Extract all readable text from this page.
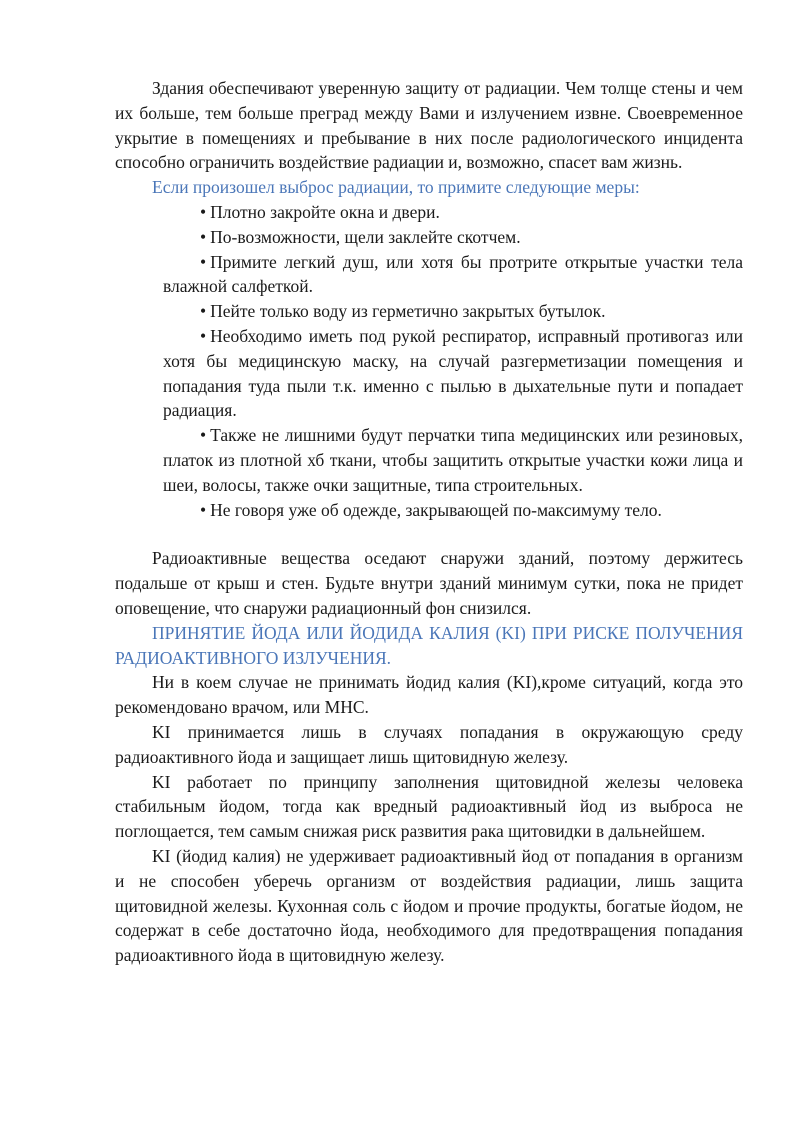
Здания обеспечивают уверенную защиту от радиации. Чем толще стены и чем их больше, тем больше преград между Вами и излучением извне. Своевременное укрытие в помещениях и пребывание в них после радиологического инцидента способно ограничить воздействие радиации и, возможно, спасет вам жизнь.

Если произошел выброс радиации, то примите следующие меры:

• Плотно закройте окна и двери.
• По-возможности, щели заклейте скотчем.
• Примите легкий душ, или хотя бы протрите открытые участки тела влажной салфеткой.
• Пейте только воду из герметично закрытых бутылок.
• Необходимо иметь под рукой респиратор, исправный противогаз или хотя бы медицинскую маску, на случай разгерметизации помещения и попадания туда пыли т.к. именно с пылью в дыхательные пути и попадает радиация.
• Также не лишними будут перчатки типа медицинских или резиновых, платок из плотной хб ткани, чтобы защитить открытые участки кожи лица и шеи, волосы, также очки защитные, типа строительных.
• Не говоря уже об одежде, закрывающей по-максимуму тело.

Радиоактивные вещества оседают снаружи зданий, поэтому держитесь подальше от крыш и стен. Будьте внутри зданий минимум сутки, пока не придет оповещение, что снаружи радиационный фон снизился.

ПРИНЯТИЕ ЙОДА ИЛИ ЙОДИДА КАЛИЯ (KI) ПРИ РИСКЕ ПОЛУЧЕНИЯ РАДИОАКТИВНОГО ИЗЛУЧЕНИЯ.

Ни в коем случае не принимать йодид калия (KI),кроме ситуаций, когда это рекомендовано врачом, или МНС.

KI принимается лишь в случаях попадания в окружающую среду радиоактивного йода и защищает лишь щитовидную железу.

KI работает по принципу заполнения щитовидной железы человека стабильным йодом, тогда как вредный радиоактивный йод из выброса не поглощается, тем самым снижая риск развития рака щитовидки в дальнейшем.

KI (йодид калия) не удерживает радиоактивный йод от попадания в организм и не способен уберечь организм от воздействия радиации, лишь защита щитовидной железы. Кухонная соль с йодом и прочие продукты, богатые йодом, не содержат в себе достаточно йода, необходимого для предотвращения попадания радиоактивного йода в щитовидную железу.
